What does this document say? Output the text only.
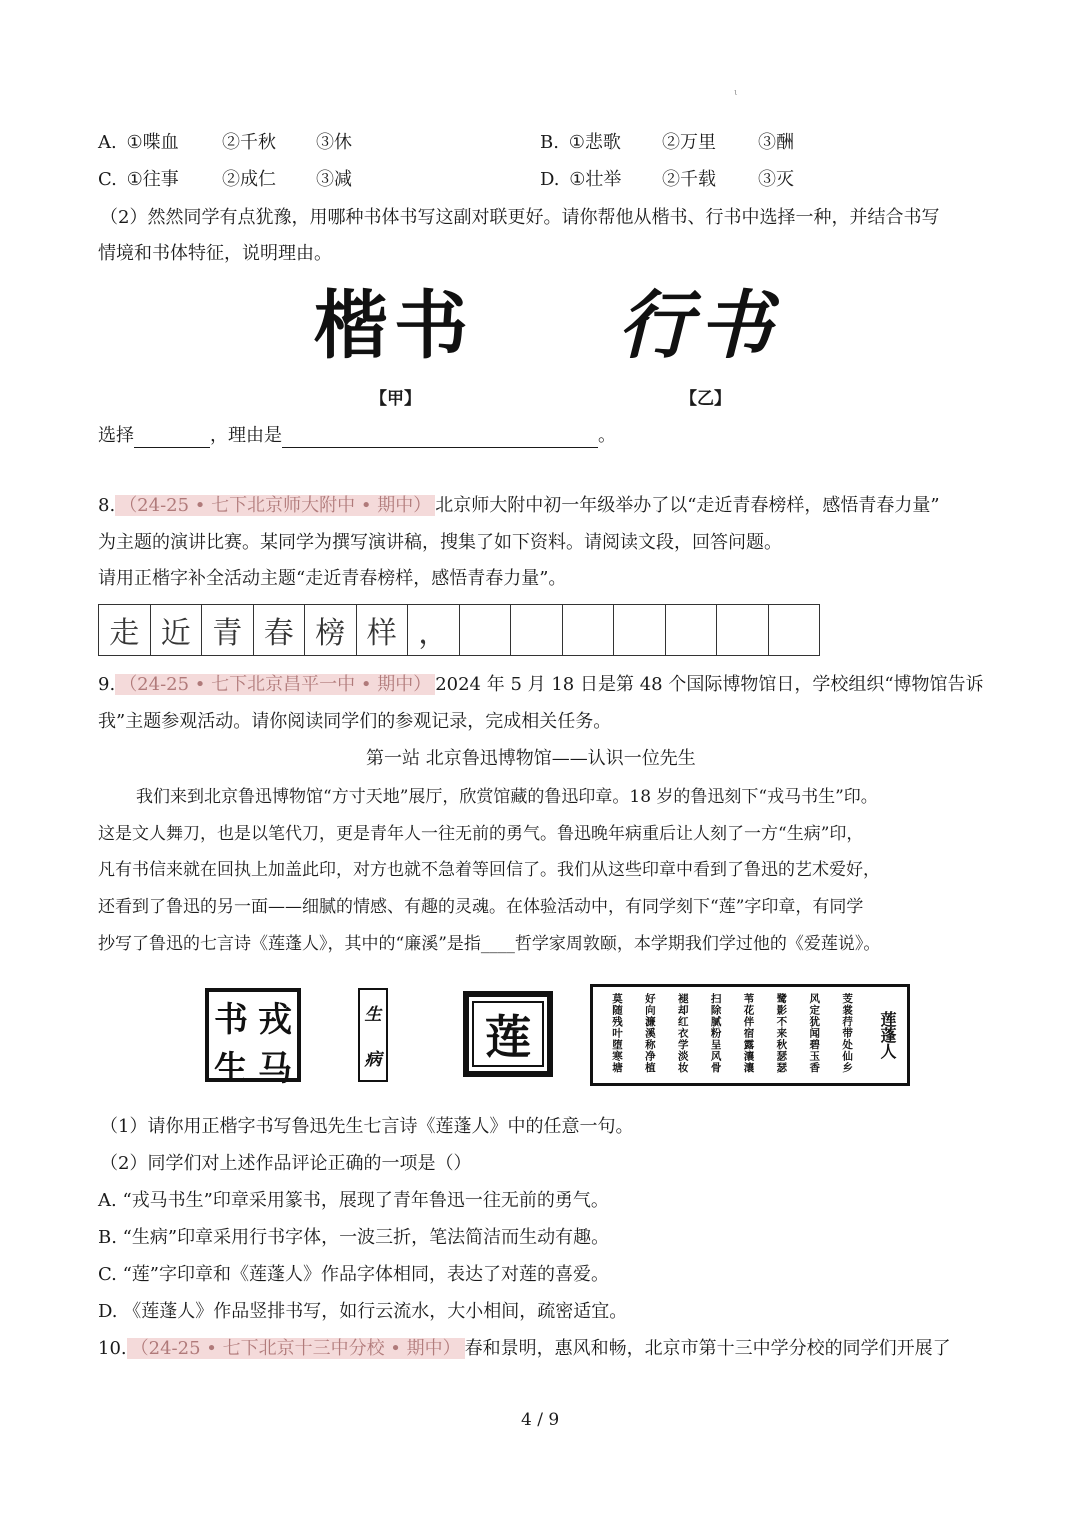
ι
A. ①喋血 ②千秋 ③休	B. ①悲歌 ②万里 ③酬
C. ①往事 ②成仁 ③减	D. ①壮举 ②千载 ③灭
（2）然然同学有点犹豫，用哪种书体书写这副对联更好。请你帮他从楷书、行书中选择一种，并结合书写
情境和书体特征，说明理由。
楷书
【甲】
行书
【乙】
选择	，理由是	。
8. （24-25 • 七下北京师大附中 • 期中） 北京师大附中初一年级举办了以“走近青春榜样，感悟青春力量”
为主题的演讲比赛。某同学为撰写演讲稿，搜集了如下资料。请阅读文段，回答问题。
请用正楷字补全活动主题“走近青春榜样，感悟青春力量”。
走 近 青 春 榜 样 ，
9. （24-25 • 七下北京昌平一中 • 期中） 2024 年 5 月 18 日是第 48 个国际博物馆日，学校组织“博物馆告诉
我”主题参观活动。请你阅读同学们的参观记录，完成相关任务。
第一站 北京鲁迅博物馆——认识一位先生
我们来到北京鲁迅博物馆“方寸天地”展厅，欣赏馆藏的鲁迅印章。18 岁的鲁迅刻下“戎马书生”印。
这是文人舞刀，也是以笔代刀，更是青年人一往无前的勇气。鲁迅晚年病重后让人刻了一方“生病”印，
凡有书信来就在回执上加盖此印，对方也就不急着等回信了。我们从这些印章中看到了鲁迅的艺术爱好，
还看到了鲁迅的另一面——细腻的情感、有趣的灵魂。在体验活动中，有同学刻下“莲”字印章，有同学
抄写了鲁迅的七言诗《莲蓬人》，其中的“廉溪”是指____哲学家周敦颐，本学期我们学过他的《爱莲说》。
书 戎
生 马
生
病 莲	莲蓬人
芰裳荇带处仙乡
风定犹闻碧玉香
鹭影不来秋瑟瑟
苇花伴宿露瀼瀼
扫除腻粉呈风骨
褪却红衣学淡妆
好向濂溪称净植
莫随残叶堕寒塘
（1）请你用正楷字书写鲁迅先生七言诗《莲蓬人》中的任意一句。
（2）同学们对上述作品评论正确的一项是（）
A. “戎马书生”印章采用篆书，展现了青年鲁迅一往无前的勇气。
B. “生病”印章采用行书字体，一波三折，笔法简洁而生动有趣。
C. “莲”字印章和《莲蓬人》作品字体相同，表达了对莲的喜爱。
D. 《莲蓬人》作品竖排书写，如行云流水，大小相间，疏密适宜。
10. （24-25 • 七下北京十三中分校 • 期中） 春和景明，惠风和畅，北京市第十三中学分校的同学们开展了
4 / 9
